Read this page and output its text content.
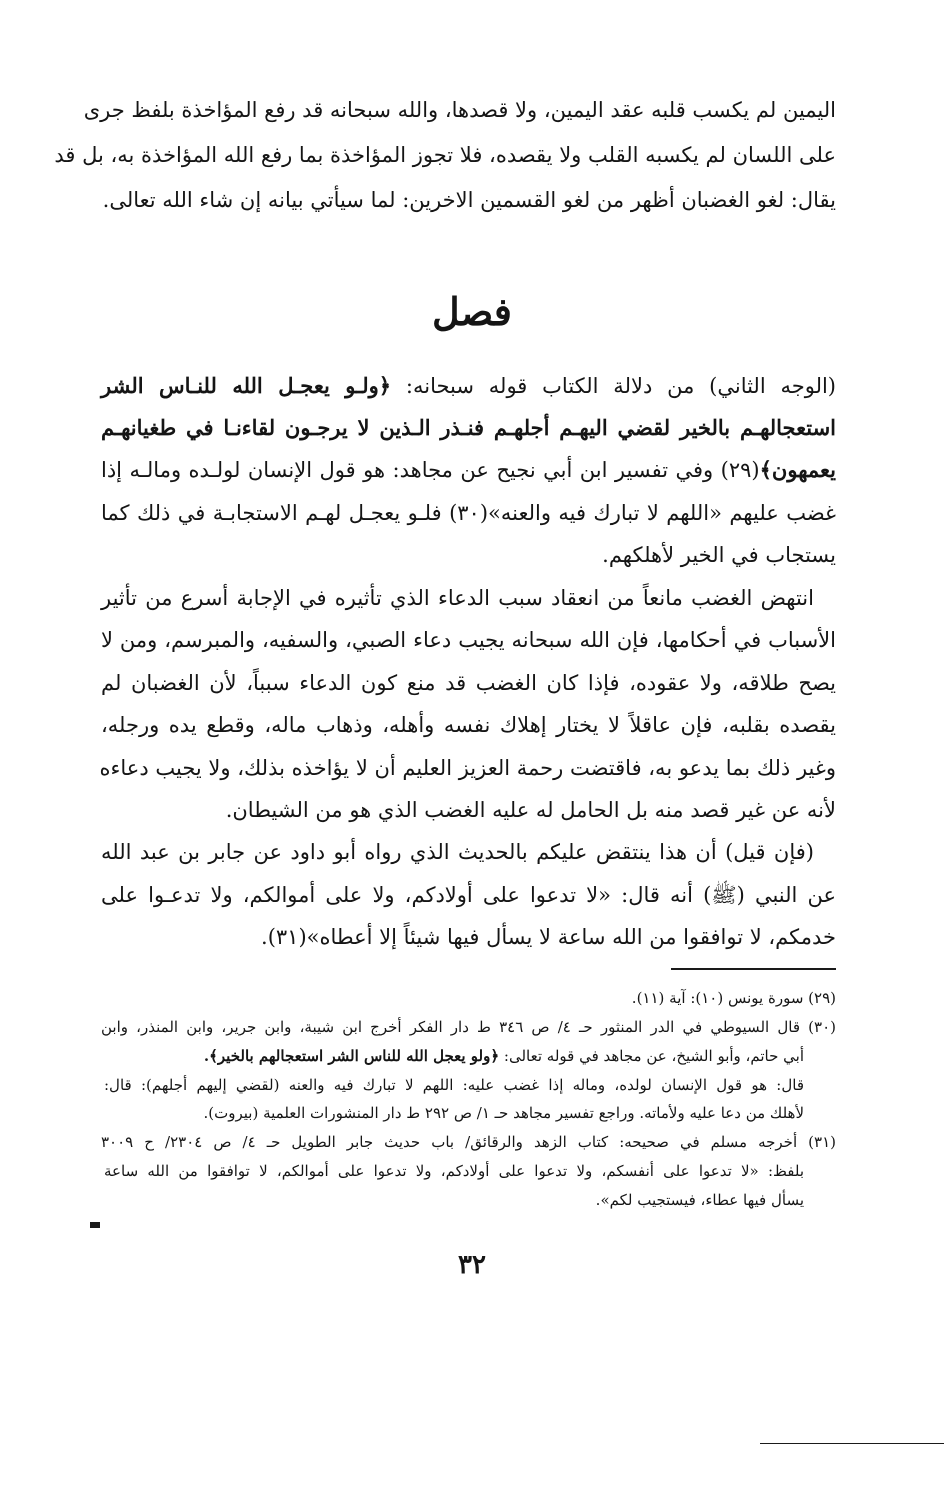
اليمين لم يكسب قلبه عقد اليمين، ولا قصدها، والله سبحانه قد رفع المؤاخذة بلفظ جرى

على اللسان لم يكسبه القلب ولا يقصده، فلا تجوز المؤاخذة بما رفع الله المؤاخذة به، بل قد

يقال: لغو الغضبان أظهر من لغو القسمين الاخرين: لما سيأتي بيانه إن شاء الله تعالى.

فصل

(الوجه الثاني) من دلالة الكتاب قوله سبحانه: ﴿ولـو يعجـل الله للنـاس الشر

استعجالهـم بالخير لقضي اليهـم أجلهـم فنـذر الـذين لا يرجـون لقاءنـا في طغيانهـم

يعمهون﴾(٢٩) وفي تفسير ابن أبي نجيح عن مجاهد: هو قول الإنسان لولـده ومالـه إذا

غضب عليهم «اللهم لا تبارك فيه والعنه»(٣٠) فلـو يعجـل لهـم الاستجابـة في ذلك كما

يستجاب في الخير لأهلكهم.

انتهض الغضب مانعاً من انعقاد سبب الدعاء الذي تأثيره في الإجابة أسرع من تأثير

الأسباب في أحكامها، فإن الله سبحانه يجيب دعاء الصبي، والسفيه، والمبرسم، ومن لا

يصح طلاقه، ولا عقوده، فإذا كان الغضب قد منع كون الدعاء سبباً، لأن الغضبان لم

يقصده بقلبه، فإن عاقلاً لا يختار إهلاك نفسه وأهله، وذهاب ماله، وقطع يده ورجله،

وغير ذلك بما يدعو به، فاقتضت رحمة العزيز العليم أن لا يؤاخذه بذلك، ولا يجيب دعاءه

لأنه عن غير قصد منه بل الحامل له عليه الغضب الذي هو من الشيطان.

(فإن قيل) أن هذا ينتقض عليكم بالحديث الذي رواه أبو داود عن جابر بن عبد الله

عن النبي (ﷺ) أنه قال: «لا تدعوا على أولادكم، ولا على أموالكم، ولا تدعـوا على

خدمكم، لا توافقوا من الله ساعة لا يسأل فيها شيئاً إلا أعطاه»(٣١).

(٢٩) سورة يونس (١٠): آية (١١).

(٣٠) قال السيوطي في الدر المنثور حـ ٤/ ص ٣٤٦ ط دار الفكر أخرج ابن شيبة، وابن جرير، وابن المنذر، وابن

أبي حاتم، وأبو الشيخ، عن مجاهد في قوله تعالى: ﴿ولو يعجل الله للناس الشر استعجالهم بالخير﴾.

قال: هو قول الإنسان لولده، وماله إذا غضب عليه: اللهم لا تبارك فيه والعنه (لقضي إليهم أجلهم): قال:

لأهلك من دعا عليه ولأماته. وراجع تفسير مجاهد حـ ١/ ص ٢٩٢ ط دار المنشورات العلمية (بيروت).

(٣١) أخرجه مسلم في صحيحه: كتاب الزهد والرقائق/ باب حديث جابر الطويل حـ ٤/ ص ٢٣٠٤/ ح ٣٠٠٩

بلفظ: «لا تدعوا على أنفسكم، ولا تدعوا على أولادكم، ولا تدعوا على أموالكم، لا توافقوا من الله ساعة

يسأل فيها عطاء، فيستجيب لكم».

٣٢
